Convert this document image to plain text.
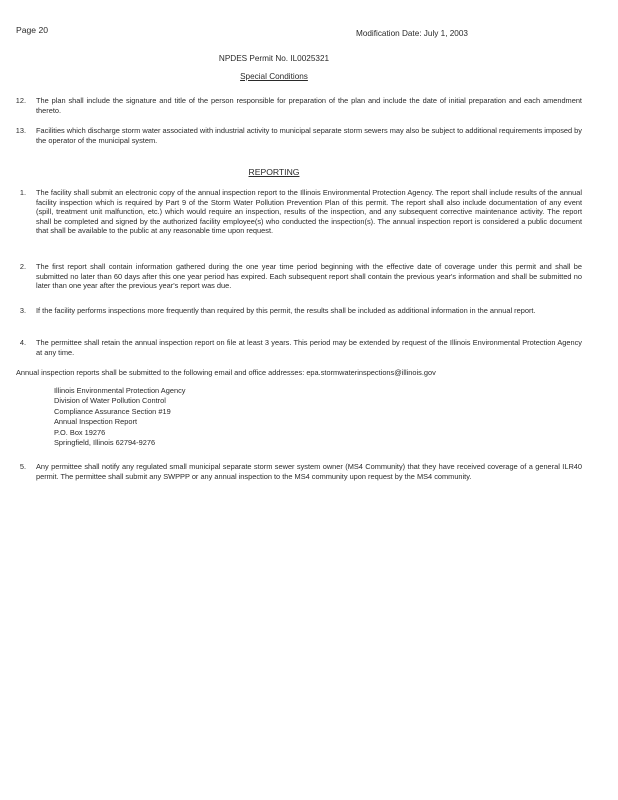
Page 20	Modification Date: July 1, 2003
NPDES Permit No. IL0025321
Special Conditions
12. The plan shall include the signature and title of the person responsible for preparation of the plan and include the date of initial preparation and each amendment thereto.
13. Facilities which discharge storm water associated with industrial activity to municipal separate storm sewers may also be subject to additional requirements imposed by the operator of the municipal system.
REPORTING
1. The facility shall submit an electronic copy of the annual inspection report to the Illinois Environmental Protection Agency. The report shall include results of the annual facility inspection which is required by Part 9 of the Storm Water Pollution Prevention Plan of this permit. The report shall also include documentation of any event (spill, treatment unit malfunction, etc.) which would require an inspection, results of the inspection, and any subsequent corrective maintenance activity. The report shall be completed and signed by the authorized facility employee(s) who conducted the inspection(s). The annual inspection report is considered a public document that shall be available to the public at any reasonable time upon request.
2. The first report shall contain information gathered during the one year time period beginning with the effective date of coverage under this permit and shall be submitted no later than 60 days after this one year period has expired. Each subsequent report shall contain the previous year's information and shall be submitted no later than one year after the previous year's report was due.
3. If the facility performs inspections more frequently than required by this permit, the results shall be included as additional information in the annual report.
4. The permittee shall retain the annual inspection report on file at least 3 years. This period may be extended by request of the Illinois Environmental Protection Agency at any time.
Annual inspection reports shall be submitted to the following email and office addresses: epa.stormwaterinspections@illinois.gov
Illinois Environmental Protection Agency
Division of Water Pollution Control
Compliance Assurance Section #19
Annual Inspection Report
P.O. Box 19276
Springfield, Illinois 62794-9276
5. Any permittee shall notify any regulated small municipal separate storm sewer system owner (MS4 Community) that they have received coverage of a general ILR40 permit. The permittee shall submit any SWPPP or any annual inspection to the MS4 community upon request by the MS4 community.
